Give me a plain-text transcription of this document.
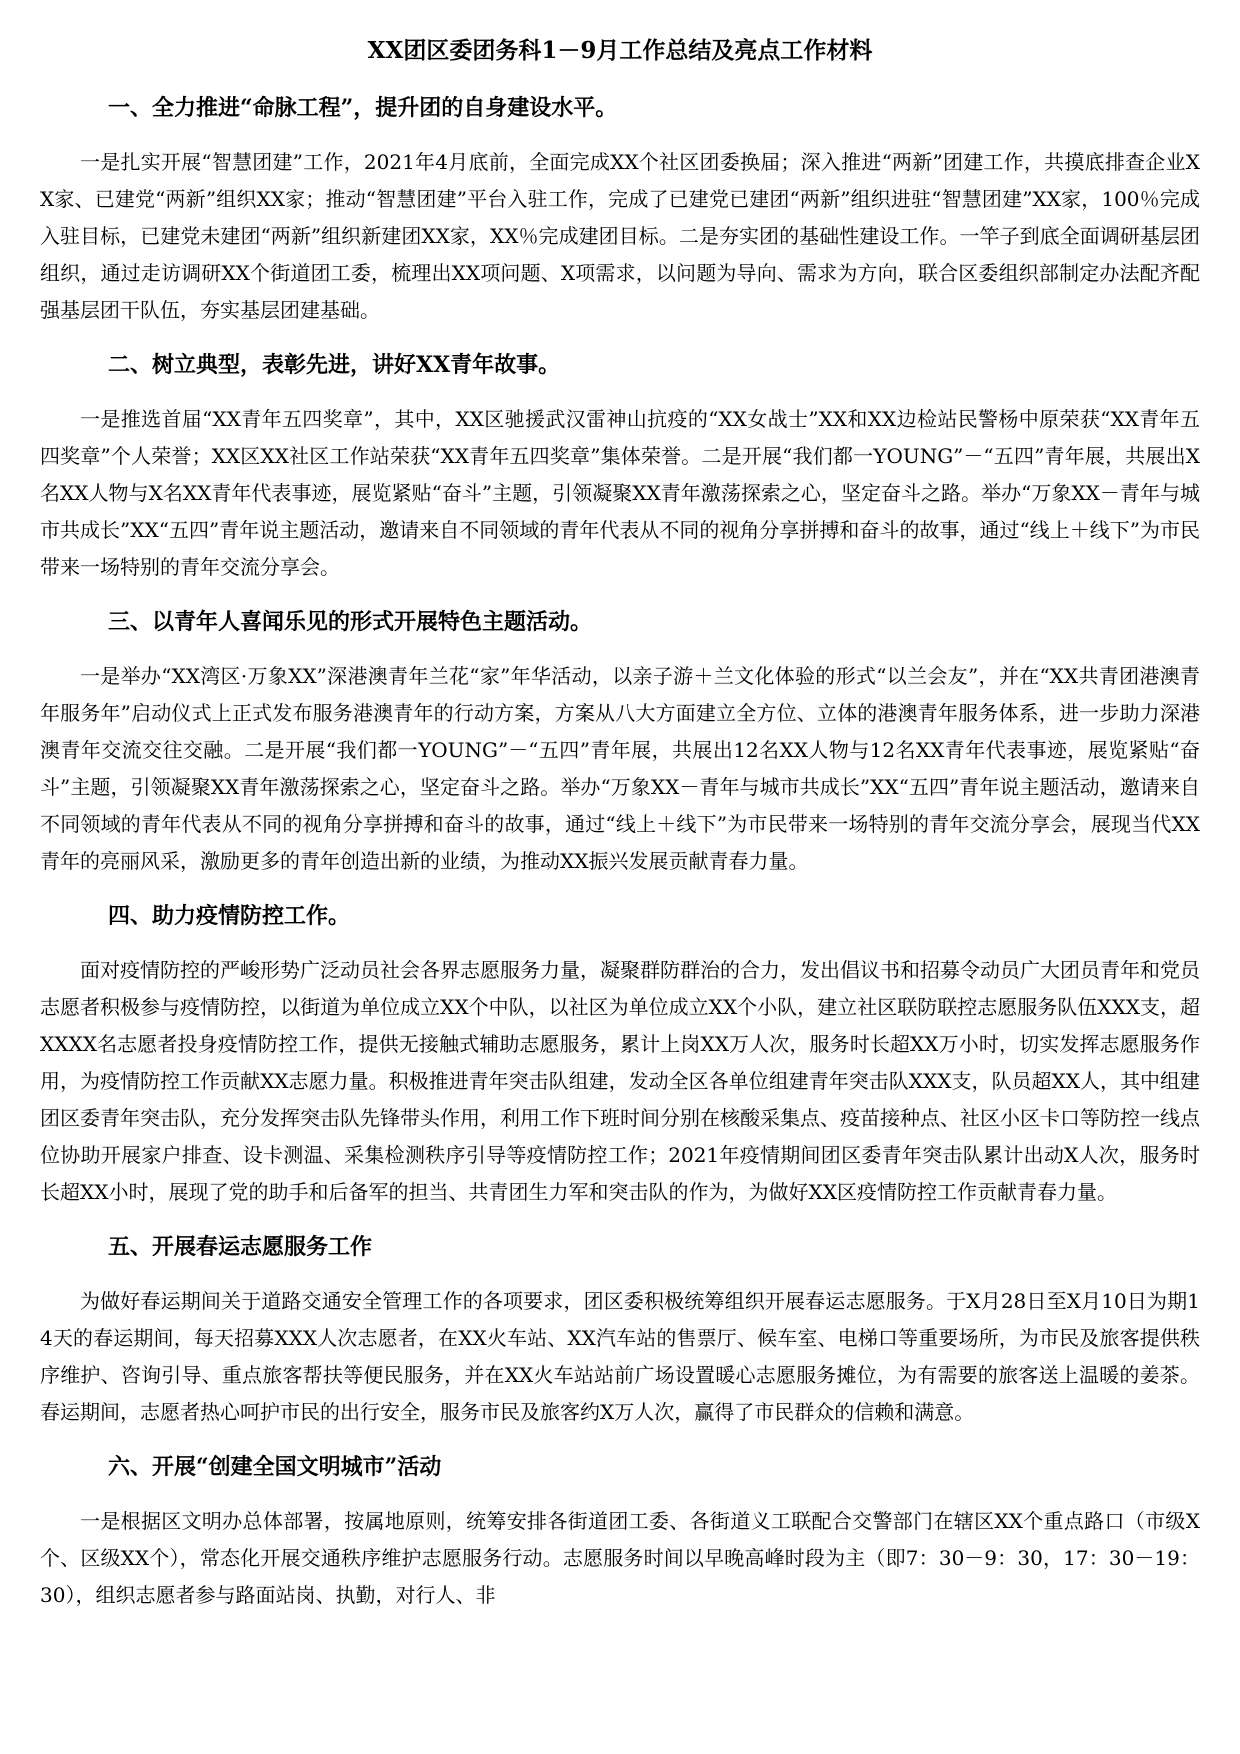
XX团区委团务科1－9月工作总结及亮点工作材料
一、全力推进“命脉工程”，提升团的自身建设水平。

一是扎实开展“智慧团建”工作，2021年4月底前，全面完成XX个社区团委换届；深入推进“两新”团建工作，共摸底排查企业XX家、已建党“两新”组织XX家；推动“智慧团建”平台入驻工作，完成了已建党已建团“两新”组织进驻“智慧团建”XX家，100％完成入驻目标，已建党未建团“两新”组织新建团XX家，XX％完成建团目标。二是夯实团的基础性建设工作。一竿子到底全面调研基层团组织，通过走访调研XX个街道团工委，梳理出XX项问题、X项需求，以问题为导向、需求为方向，联合区委组织部制定办法配齐配强基层团干队伍，夯实基层团建基础。

二、树立典型，表彰先进，讲好XX青年故事。

一是推选首届“XX青年五四奖章”，其中，XX区驰援武汉雷神山抗疫的“XX女战士”XX和XX边检站民警杨中原荣获“XX青年五四奖章”个人荣誉；XX区XX社区工作站荣获“XX青年五四奖章”集体荣誉。二是开展“我们都一YOUNG”－“五四”青年展，共展出X名XX人物与X名XX青年代表事迹，展览紧贴“奋斗”主题，引领凝聚XX青年激荡探索之心，坚定奋斗之路。举办“万象XX－青年与城市共成长”XX“五四”青年说主题活动，邀请来自不同领域的青年代表从不同的视角分享拼搏和奋斗的故事，通过“线上＋线下”为市民带来一场特别的青年交流分享会。

三、以青年人喜闻乐见的形式开展特色主题活动。

一是举办“XX湾区·万象XX”深港澳青年兰花“家”年华活动，以亲子游＋兰文化体验的形式“以兰会友”，并在“XX共青团港澳青年服务年”启动仪式上正式发布服务港澳青年的行动方案，方案从八大方面建立全方位、立体的港澳青年服务体系，进一步助力深港澳青年交流交往交融。二是开展“我们都一YOUNG”－“五四”青年展，共展出12名XX人物与12名XX青年代表事迹，展览紧贴“奋斗”主题，引领凝聚XX青年激荡探索之心，坚定奋斗之路。举办“万象XX－青年与城市共成长”XX“五四”青年说主题活动，邀请来自不同领域的青年代表从不同的视角分享拼搏和奋斗的故事，通过“线上＋线下”为市民带来一场特别的青年交流分享会，展现当代XX青年的亮丽风采，激励更多的青年创造出新的业绩，为推动XX振兴发展贡献青春力量。

四、助力疫情防控工作。

面对疫情防控的严峻形势广泛动员社会各界志愿服务力量，凝聚群防群治的合力，发出倡议书和招募令动员广大团员青年和党员志愿者积极参与疫情防控，以街道为单位成立XX个中队，以社区为单位成立XX个小队，建立社区联防联控志愿服务队伍XXX支，超XXXX名志愿者投身疫情防控工作，提供无接触式辅助志愿服务，累计上岗XX万人次，服务时长超XX万小时，切实发挥志愿服务作用，为疫情防控工作贡献XX志愿力量。积极推进青年突击队组建，发动全区各单位组建青年突击队XXX支，队员超XX人，其中组建团区委青年突击队，充分发挥突击队先锋带头作用，利用工作下班时间分别在核酸采集点、疫苗接种点、社区小区卡口等防控一线点位协助开展家户排查、设卡测温、采集检测秩序引导等疫情防控工作；2021年疫情期间团区委青年突击队累计出动X人次，服务时长超XX小时，展现了党的助手和后备军的担当、共青团生力军和突击队的作为，为做好XX区疫情防控工作贡献青春力量。

五、开展春运志愿服务工作

为做好春运期间关于道路交通安全管理工作的各项要求，团区委积极统筹组织开展春运志愿服务。于X月28日至X月10日为期14天的春运期间，每天招募XXX人次志愿者，在XX火车站、XX汽车站的售票厅、候车室、电梯口等重要场所，为市民及旅客提供秩序维护、咨询引导、重点旅客帮扶等便民服务，并在XX火车站站前广场设置暖心志愿服务摊位，为有需要的旅客送上温暖的姜茶。春运期间，志愿者热心呵护市民的出行安全，服务市民及旅客约X万人次，赢得了市民群众的信赖和满意。

六、开展“创建全国文明城市”活动

一是根据区文明办总体部署，按属地原则，统筹安排各街道团工委、各街道义工联配合交警部门在辖区XX个重点路口（市级X个、区级XX个），常态化开展交通秩序维护志愿服务行动。志愿服务时间以早晚高峰时段为主（即7：30－9：30，17：30－19：30），组织志愿者参与路面站岗、执勤，对行人、非
